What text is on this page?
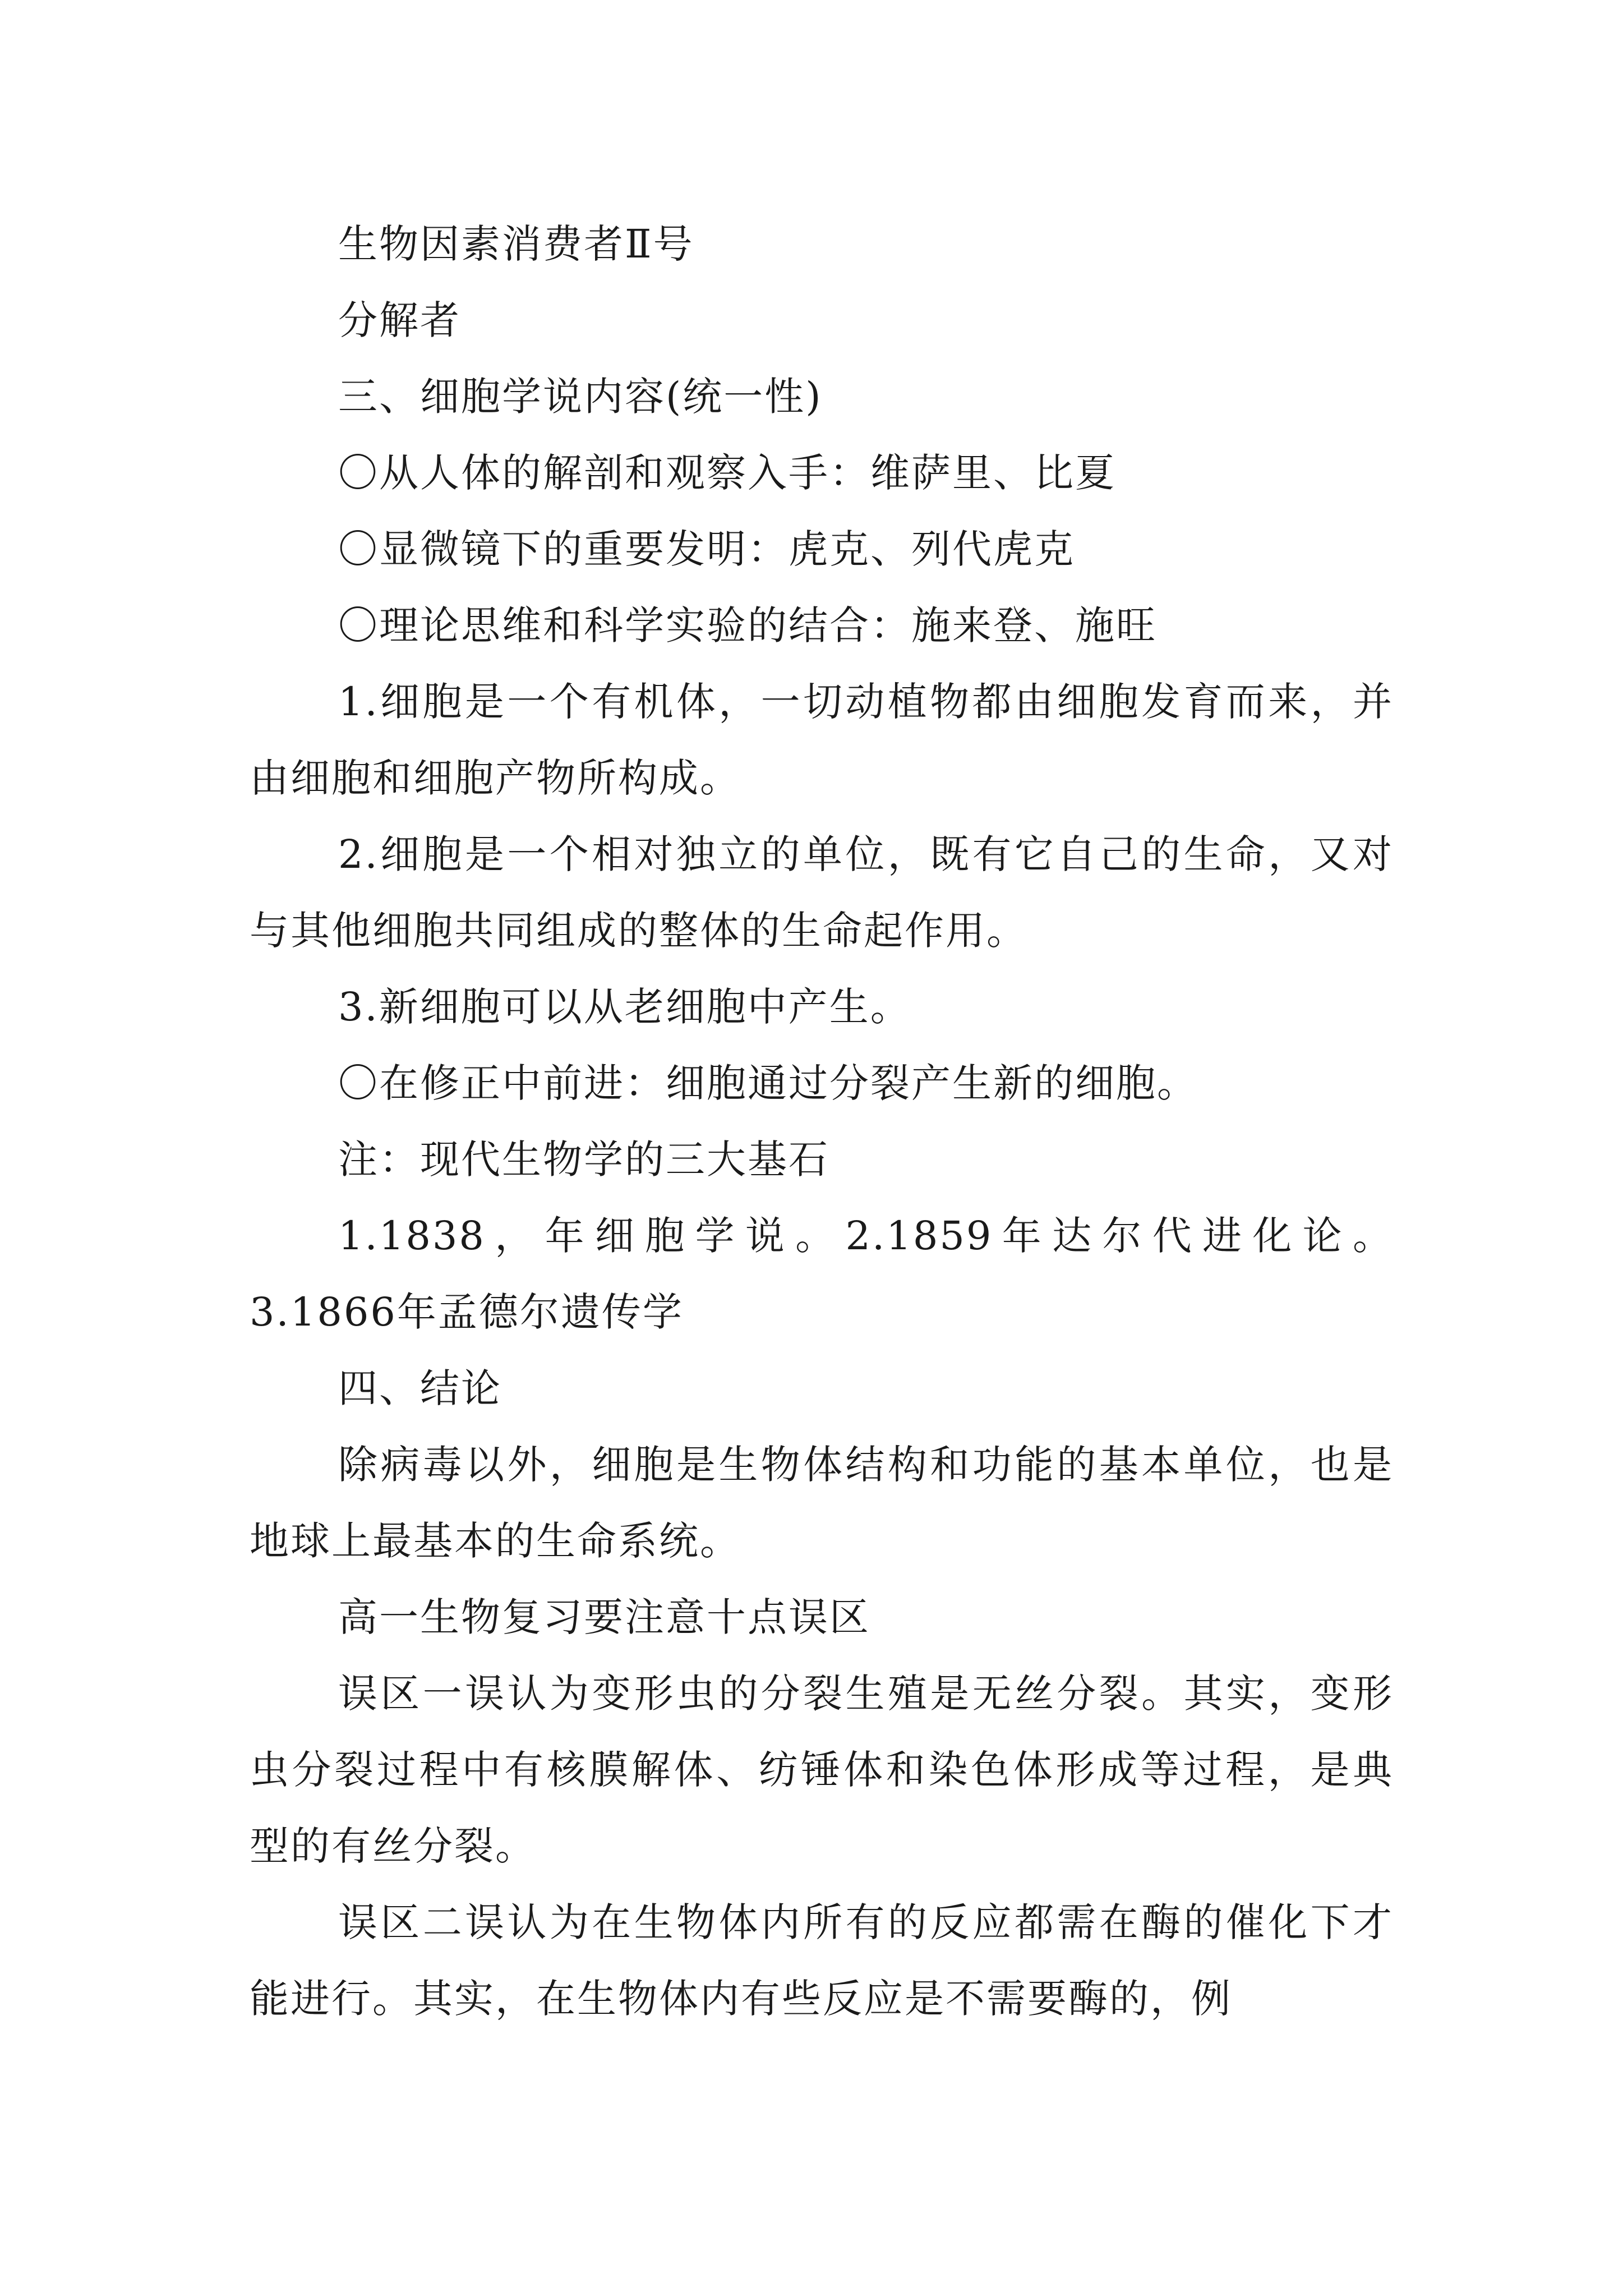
生物因素消费者Ⅱ号

分解者

三、细胞学说内容(统一性)

〇从人体的解剖和观察入手：维萨里、比夏

〇显微镜下的重要发明：虎克、列代虎克

〇理论思维和科学实验的结合：施来登、施旺

1.细胞是一个有机体，一切动植物都由细胞发育而来，并由细胞和细胞产物所构成。

2.细胞是一个相对独立的单位，既有它自己的生命，又对与其他细胞共同组成的整体的生命起作用。

3.新细胞可以从老细胞中产生。

〇在修正中前进：细胞通过分裂产生新的细胞。

注：现代生物学的三大基石

1.1838，年细胞学说。2.1859年达尔代进化论。3.1866年孟德尔遗传学

四、结论

除病毒以外，细胞是生物体结构和功能的基本单位，也是地球上最基本的生命系统。

高一生物复习要注意十点误区

误区一误认为变形虫的分裂生殖是无丝分裂。其实，变形虫分裂过程中有核膜解体、纺锤体和染色体形成等过程，是典型的有丝分裂。

误区二误认为在生物体内所有的反应都需在酶的催化下才能进行。其实，在生物体内有些反应是不需要酶的，例
